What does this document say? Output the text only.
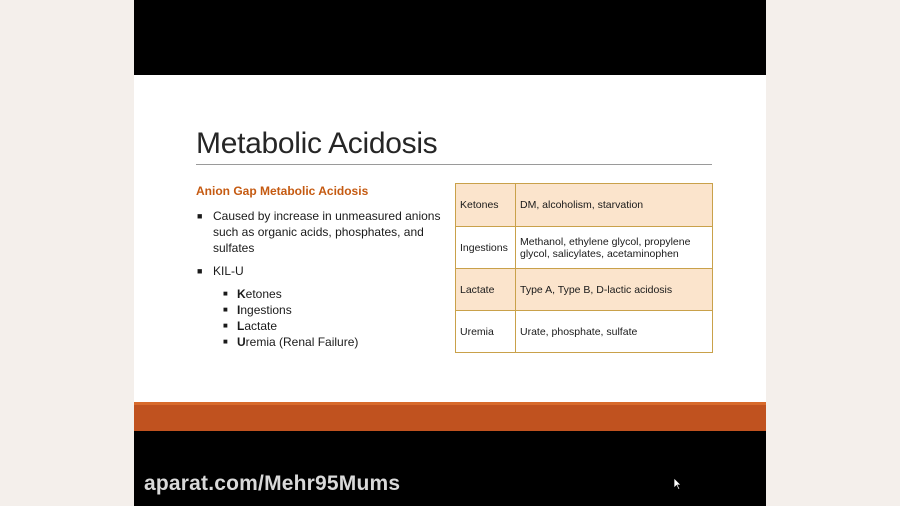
Metabolic Acidosis
Anion Gap Metabolic Acidosis
■ Caused by increase in unmeasured anions such as organic acids, phosphates, and sulfates
■ KIL-U
■ Ketones
■ Ingestions
■ Lactate
■ Uremia (Renal Failure)
Ketones	DM, alcoholism, starvation
Ingestions	Methanol, ethylene glycol, propylene glycol, salicylates, acetaminophen
Lactate	Type A, Type B, D-lactic acidosis
Uremia	Urate, phosphate, sulfate
aparat.com/Mehr95Mums
